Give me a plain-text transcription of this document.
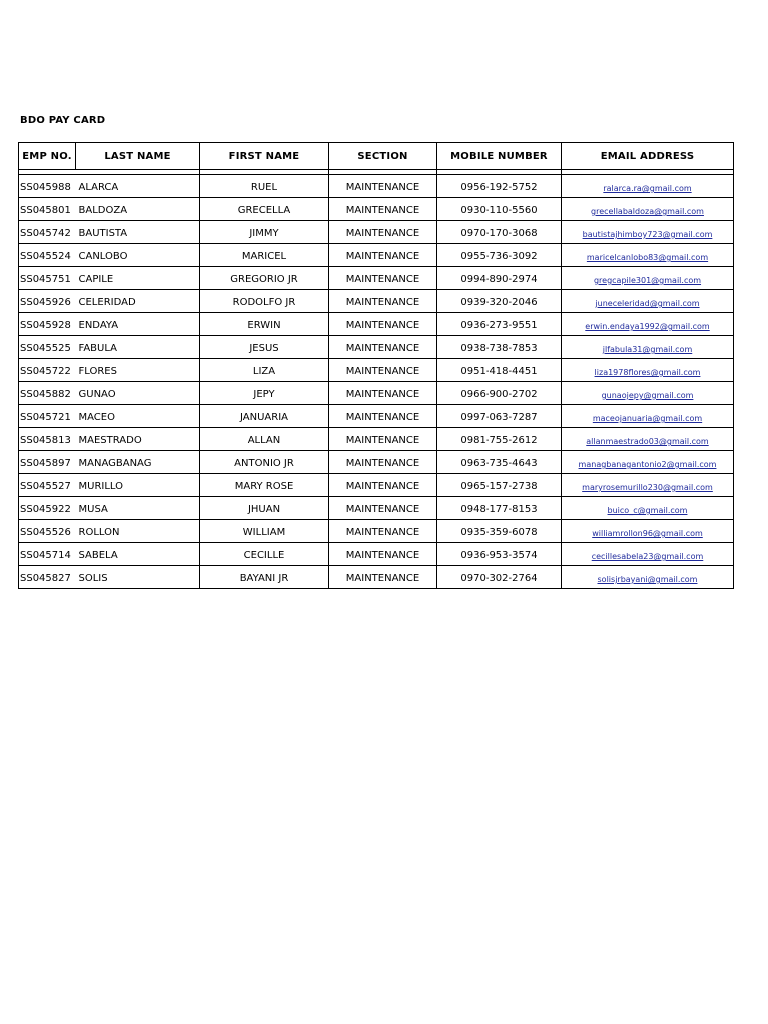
BDO PAY CARD
EMP NO.	LAST NAME	FIRST NAME	SECTION	MOBILE NUMBER	EMAIL ADDRESS

SS045988	ALARCA	RUEL	MAINTENANCE	0956-192-5752	ralarca.ra@gmail.com
SS045801	BALDOZA	GRECELLA	MAINTENANCE	0930-110-5560	grecellabaldoza@gmail.com
SS045742	BAUTISTA	JIMMY	MAINTENANCE	0970-170-3068	bautistajhimboy723@gmail.com
SS045524	CANLOBO	MARICEL	MAINTENANCE	0955-736-3092	maricelcanlobo83@gmail.com
SS045751	CAPILE	GREGORIO JR	MAINTENANCE	0994-890-2974	gregcapile301@gmail.com
SS045926	CELERIDAD	RODOLFO JR	MAINTENANCE	0939-320-2046	juneceleridad@gmail.com
SS045928	ENDAYA	ERWIN	MAINTENANCE	0936-273-9551	erwin.endaya1992@gmail.com
SS045525	FABULA	JESUS	MAINTENANCE	0938-738-7853	jlfabula31@gmail.com
SS045722	FLORES	LIZA	MAINTENANCE	0951-418-4451	liza1978flores@gmail.com
SS045882	GUNAO	JEPY	MAINTENANCE	0966-900-2702	gunaojepy@gmail.com
SS045721	MACEO	JANUARIA	MAINTENANCE	0997-063-7287	maceojanuaria@gmail.com
SS045813	MAESTRADO	ALLAN	MAINTENANCE	0981-755-2612	allanmaestrado03@gmail.com
SS045897	MANAGBANAG	ANTONIO JR	MAINTENANCE	0963-735-4643	managbanagantonio2@gmail.com
SS045527	MURILLO	MARY ROSE	MAINTENANCE	0965-157-2738	maryrosemurillo230@gmail.com
SS045922	MUSA	JHUAN	MAINTENANCE	0948-177-8153	buico_c@gmail.com
SS045526	ROLLON	WILLIAM	MAINTENANCE	0935-359-6078	williamrollon96@gmail.com
SS045714	SABELA	CECILLE	MAINTENANCE	0936-953-3574	cecillesabela23@gmail.com
SS045827	SOLIS	BAYANI JR	MAINTENANCE	0970-302-2764	solisjrbayani@gmail.com
